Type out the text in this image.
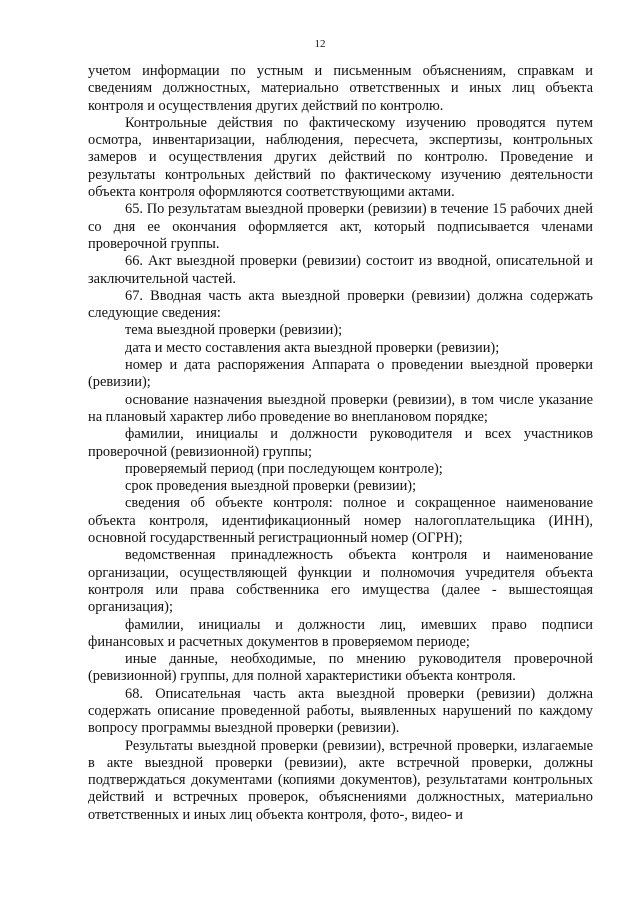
12

учетом информации по устным и письменным объяснениям, справкам и сведениям должностных, материально ответственных и иных лиц объекта контроля и осуществления других действий по контролю.

Контрольные действия по фактическому изучению проводятся путем осмотра, инвентаризации, наблюдения, пересчета, экспертизы, контрольных замеров и осуществления других действий по контролю. Проведение и результаты контрольных действий по фактическому изучению деятельности объекта контроля оформляются соответствующими актами.

65. По результатам выездной проверки (ревизии) в течение 15 рабочих дней со дня ее окончания оформляется акт, который подписывается членами проверочной группы.

66. Акт выездной проверки (ревизии) состоит из вводной, описательной и заключительной частей.

67. Вводная часть акта выездной проверки (ревизии) должна содержать следующие сведения:

тема выездной проверки (ревизии);

дата и место составления акта выездной проверки (ревизии);

номер и дата распоряжения Аппарата о проведении выездной проверки (ревизии);

основание назначения выездной проверки (ревизии), в том числе указание на плановый характер либо проведение во внеплановом порядке;

фамилии, инициалы и должности руководителя и всех участников проверочной (ревизионной) группы;

проверяемый период (при последующем контроле);

срок проведения выездной проверки (ревизии);

сведения об объекте контроля: полное и сокращенное наименование объекта контроля, идентификационный номер налогоплательщика (ИНН), основной государственный регистрационный номер (ОГРН);

ведомственная принадлежность объекта контроля и наименование организации, осуществляющей функции и полномочия учредителя объекта контроля или права собственника его имущества (далее - вышестоящая организация);

фамилии, инициалы и должности лиц, имевших право подписи финансовых и расчетных документов в проверяемом периоде;

иные данные, необходимые, по мнению руководителя проверочной (ревизионной) группы, для полной характеристики объекта контроля.

68. Описательная часть акта выездной проверки (ревизии) должна содержать описание проведенной работы, выявленных нарушений по каждому вопросу программы выездной проверки (ревизии).

Результаты выездной проверки (ревизии), встречной проверки, излагаемые в акте выездной проверки (ревизии), акте встречной проверки, должны подтверждаться документами (копиями документов), результатами контрольных действий и встречных проверок, объяснениями должностных, материально ответственных и иных лиц объекта контроля, фото-, видео- и
